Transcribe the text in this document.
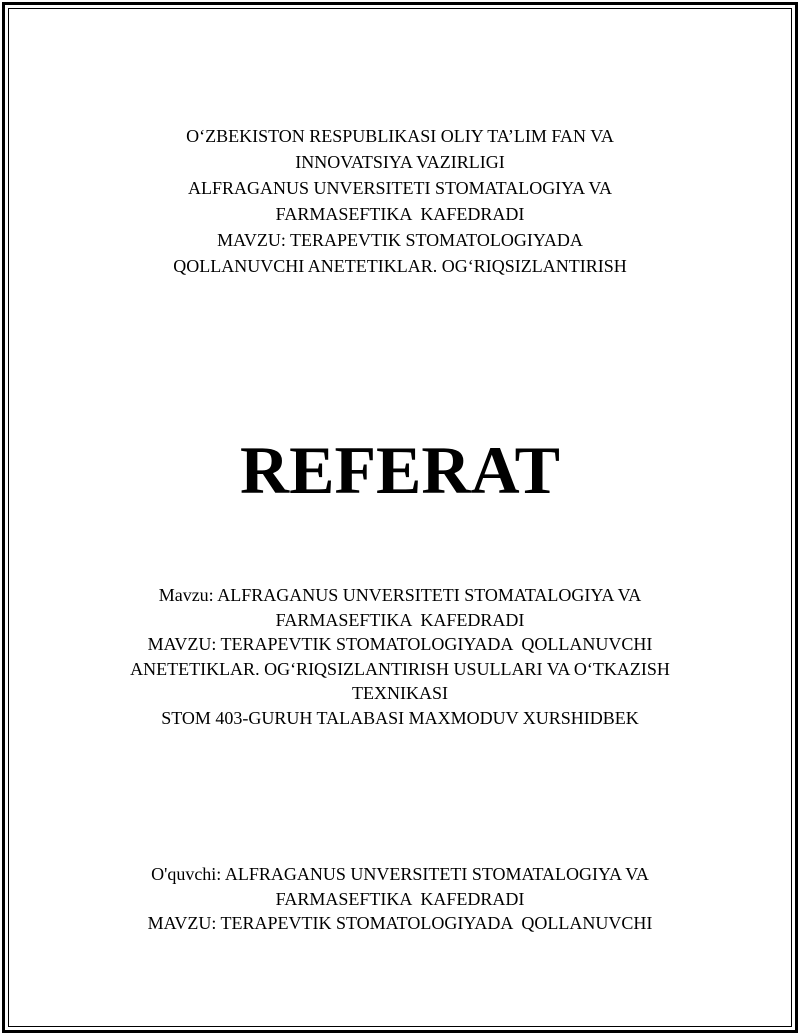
O‘ZBEKISTON RESPUBLIKASI OLIY TA’LIM FAN VA
INNOVATSIYA VAZIRLIGI
ALFRAGANUS UNVERSITETI STOMATALOGIYA VA
FARMASEFTIKA  KAFEDRADI
MAVZU: TERAPEVTIK STOMATOLOGIYADA
QOLLANUVCHI ANETETIKLAR. OG‘RIQSIZLANTIRISH
REFERAT
Mavzu: ALFRAGANUS UNVERSITETI STOMATALOGIYA VA
FARMASEFTIKA  KAFEDRADI
MAVZU: TERAPEVTIK STOMATOLOGIYADA  QOLLANUVCHI
ANETETIKLAR. OG‘RIQSIZLANTIRISH USULLARI VA O‘TKAZISH
TEXNIKASI
STOM 403-GURUH TALABASI MAXMODUV XURSHIDBEK
O'quvchi: ALFRAGANUS UNVERSITETI STOMATALOGIYA VA
FARMASEFTIKA  KAFEDRADI
MAVZU: TERAPEVTIK STOMATOLOGIYADA  QOLLANUVCHI
